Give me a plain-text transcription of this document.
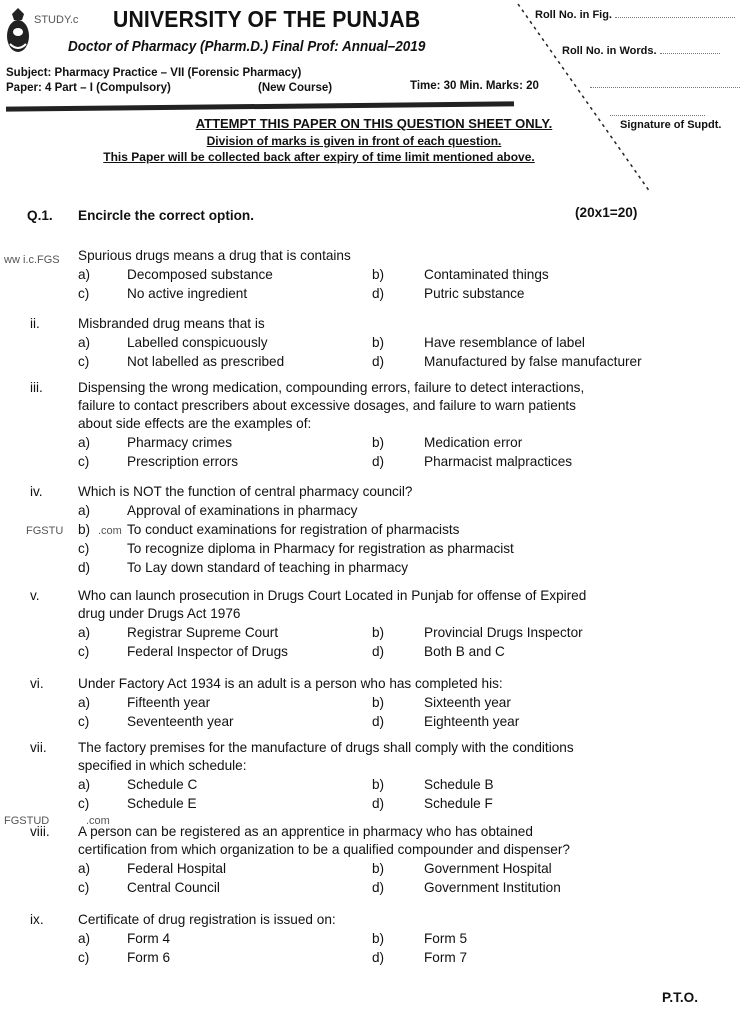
STUDY.c UNIVERSITY OF THE PUNJAB
Doctor of Pharmacy (Pharm.D.) Final Prof: Annual–2019
Subject: Pharmacy Practice – VII (Forensic Pharmacy)
Paper: 4 Part – I (Compulsory)	(New Course)	Time: 30 Min. Marks: 20
Roll No. in Fig.
Roll No. in Words.
Signature of Supdt.
ATTEMPT THIS PAPER ON THIS QUESTION SHEET ONLY.
Division of marks is given in front of each question.
This Paper will be collected back after expiry of time limit mentioned above.
Q.1. Encircle the correct option.	(20x1=20)
Spurious drugs means a drug that is contains
a)	Decomposed substance	b)	Contaminated things
c)	No active ingredient	d)	Putric substance
ii.	Misbranded drug means that is
a)	Labelled conspicuously	b)	Have resemblance of label
c)	Not labelled as prescribed	d)	Manufactured by false manufacturer
iii.	Dispensing the wrong medication, compounding errors, failure to detect interactions,
failure to contact prescribers about excessive dosages, and failure to warn patients
about side effects are the examples of:
a)	Pharmacy crimes	b)	Medication error
c)	Prescription errors	d)	Pharmacist malpractices
iv.	Which is NOT the function of central pharmacy council?
a)	Approval of examinations in pharmacy
b)	To conduct examinations for registration of pharmacists
c)	To recognize diploma in Pharmacy for registration as pharmacist
d)	To Lay down standard of teaching in pharmacy
v.	Who can launch prosecution in Drugs Court Located in Punjab for offense of Expired
drug under Drugs Act 1976
a)	Registrar Supreme Court	b)	Provincial Drugs Inspector
c)	Federal Inspector of Drugs	d)	Both B and C
vi.	Under Factory Act 1934 is an adult is a person who has completed his:
a)	Fifteenth year	b)	Sixteenth year
c)	Seventeenth year	d)	Eighteenth year
vii. The factory premises for the manufacture of drugs shall comply with the conditions
specified in which schedule:
a)	Schedule C	b)	Schedule B
c)	Schedule E	d)	Schedule F
viii. A person can be registered as an apprentice in pharmacy who has obtained
certification from which organization to be a qualified compounder and dispenser?
a)	Federal Hospital	b)	Government Hospital
c)	Central Council	d)	Government Institution
ix.	Certificate of drug registration is issued on:
a)	Form 4	b)	Form 5
c)	Form 6	d)	Form 7
ww i.c.FGS
FGSTU	.com
FGSTUD	.com
P.T.O.
